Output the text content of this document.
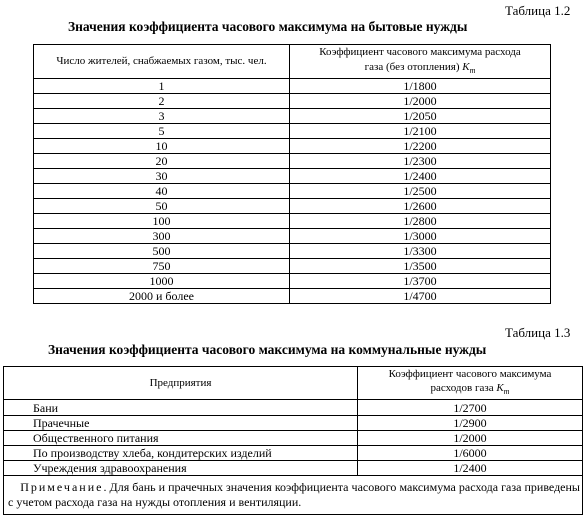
Таблица 1.2
Значения коэффициента часового максимума на бытовые нужды
Число жителей, снабжаемых газом, тыс. чел.	Коэффициент часового максимума расхода
газа (без отопления) $K_m$
1	1/1800
2	1/2000
3	1/2050
5	1/2100
10	1/2200
20	1/2300
30	1/2400
40	1/2500
50	1/2600
100	1/2800
300	1/3000
500	1/3300
750	1/3500
1000	1/3700
2000 и более	1/4700
Таблица 1.3
Значения коэффициента часового максимума на коммунальные нужды
Предприятия	Коэффициент часового максимума
расходов газа $K_m$
Бани	1/2700
Прачечные	1/2900
Общественного питания	1/2000
По производству хлеба, кондитерских изделий	1/6000
Учреждения здравоохранения	1/2400
Примечание. Для бань и прачечных значения коэффициента часового максимума расхода газа приведены с учетом расхода газа на нужды отопления и вентиляции.	
